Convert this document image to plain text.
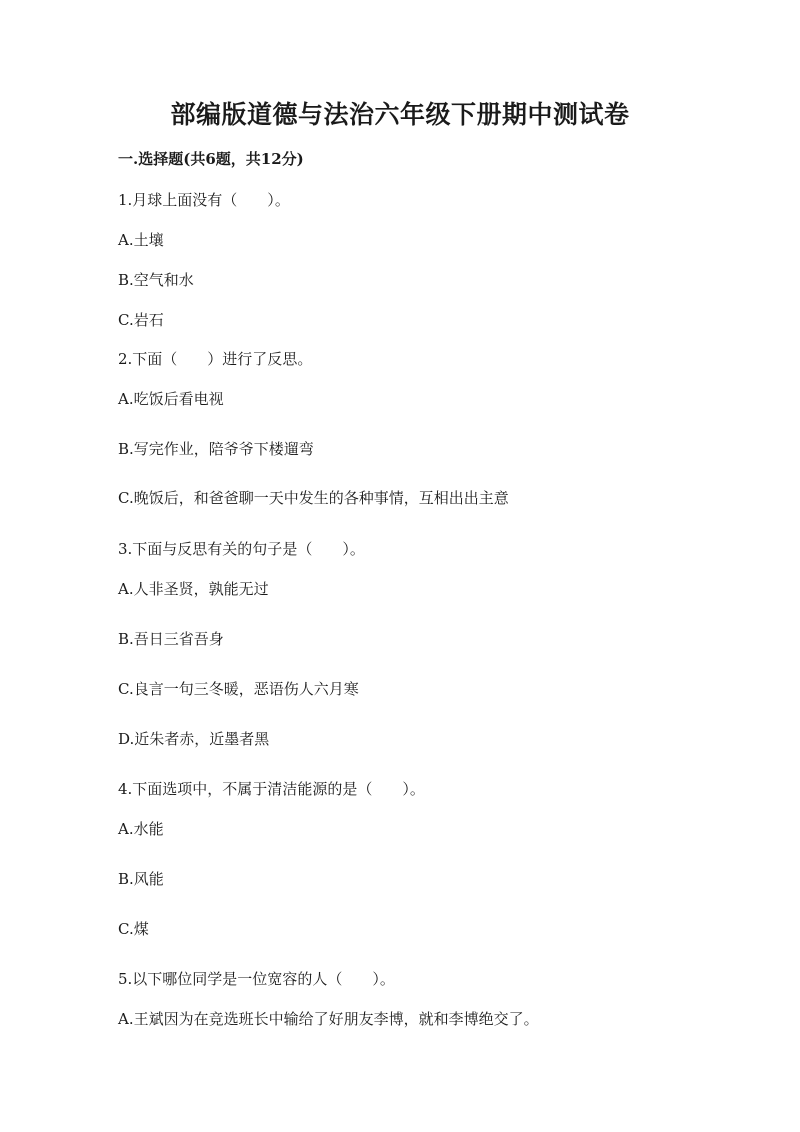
部编版道德与法治六年级下册期中测试卷
一.选择题(共6题，共12分)
1.月球上面没有（　　）。
A.土壤
B.空气和水
C.岩石
2.下面（　　）进行了反思。
A.吃饭后看电视
B.写完作业，陪爷爷下楼遛弯
C.晚饭后，和爸爸聊一天中发生的各种事情，互相出出主意
3.下面与反思有关的句子是（　　）。
A.人非圣贤，孰能无过
B.吾日三省吾身
C.良言一句三冬暖，恶语伤人六月寒
D.近朱者赤，近墨者黑
4.下面选项中，不属于清洁能源的是（　　）。
A.水能
B.风能
C.煤
5.以下哪位同学是一位宽容的人（　　）。
A.王斌因为在竞选班长中输给了好朋友李博，就和李博绝交了。
